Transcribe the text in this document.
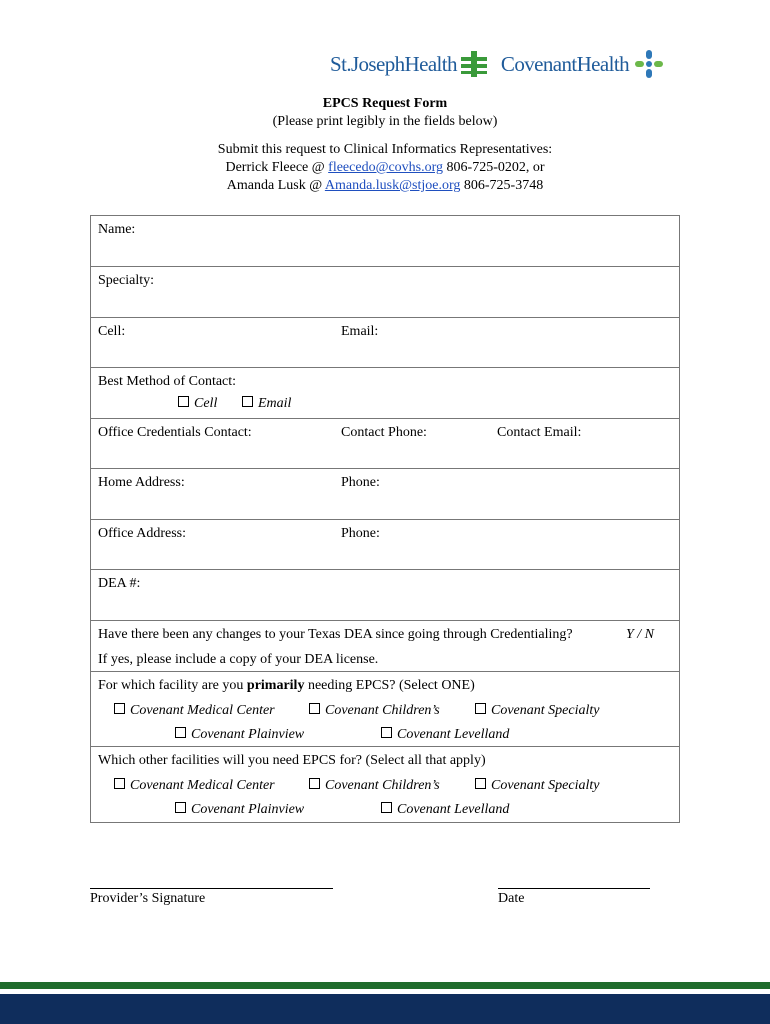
St.JosephHealth CovenantHealth
EPCS Request Form
(Please print legibly in the fields below)
Submit this request to Clinical Informatics Representatives:
Derrick Fleece @ fleecedo@covhs.org 806-725-0202, or
Amanda Lusk @ Amanda.lusk@stjoe.org 806-725-3748
Name:
Specialty:
Cell:	Email:
Best Method of Contact:
Cell	Email
Office Credentials Contact:	Contact Phone:	Contact Email:
Home Address:	Phone:
Office Address:	Phone:
DEA #:
Have there been any changes to your Texas DEA since going through Credentialing?	Y / N
If yes, please include a copy of your DEA license.
For which facility are you primarily needing EPCS? (Select ONE)
Covenant Medical Center	Covenant Children’s	Covenant Specialty
Covenant Plainview	Covenant Levelland
Which other facilities will you need EPCS for? (Select all that apply)
Covenant Medical Center	Covenant Children’s	Covenant Specialty
Covenant Plainview	Covenant Levelland
Provider’s Signature	Date
